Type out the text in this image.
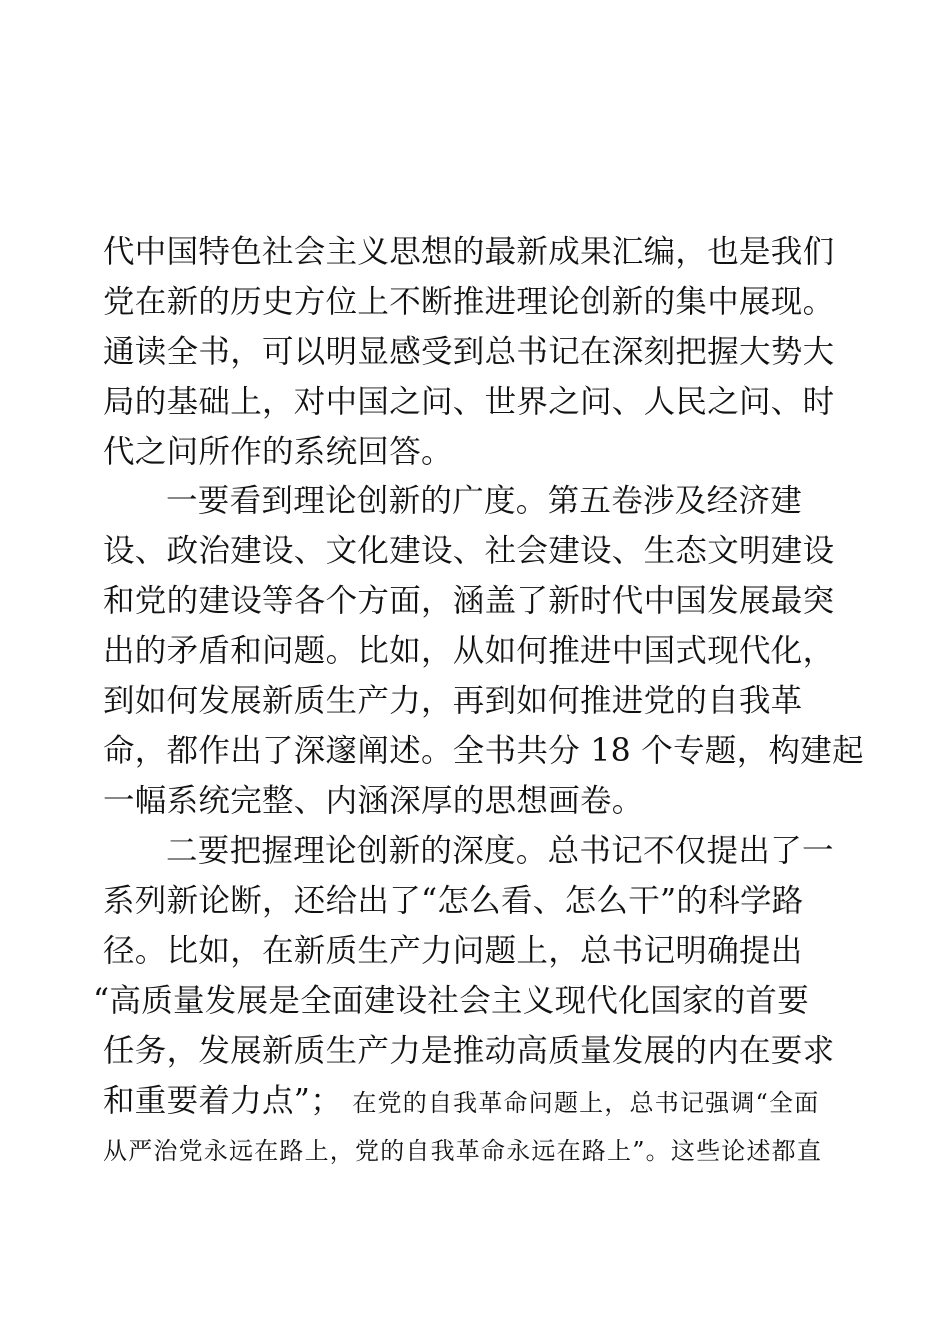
代中国特色社会主义思想的最新成果汇编，也是我们
党在新的历史方位上不断推进理论创新的集中展现。
通读全书，可以明显感受到总书记在深刻把握大势大
局的基础上，对中国之问、世界之问、人民之问、时
代之问所作的系统回答。
一要看到理论创新的广度。第五卷涉及经济建
设、政治建设、文化建设、社会建设、生态文明建设
和党的建设等各个方面，涵盖了新时代中国发展最突
出的矛盾和问题。比如，从如何推进中国式现代化，
到如何发展新质生产力，再到如何推进党的自我革
命，都作出了深邃阐述。全书共分 18 个专题，构建起
一幅系统完整、内涵深厚的思想画卷。
二要把握理论创新的深度。总书记不仅提出了一
系列新论断，还给出了“怎么看、怎么干”的科学路
径。比如，在新质生产力问题上，总书记明确提出
“高质量发展是全面建设社会主义现代化国家的首要
任务，发展新质生产力是推动高质量发展的内在要求
和重要着力点”； 在党的自我革命问题上，总书记强调“全面
从严治党永远在路上，党的自我革命永远在路上”。这些论述都直
